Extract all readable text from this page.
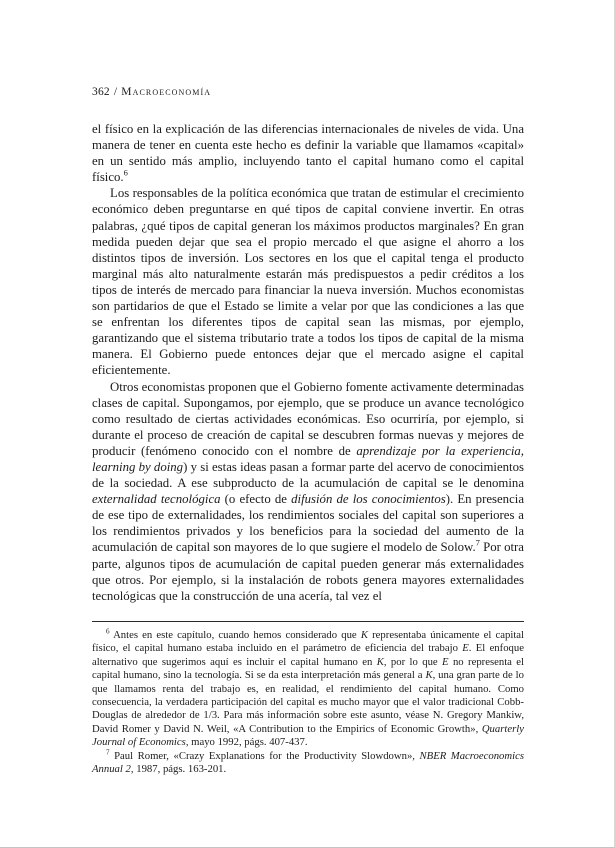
362 / Macroeconomía

el físico en la explicación de las diferencias internacionales de niveles de vida. Una manera de tener en cuenta este hecho es definir la variable que llamamos «capital» en un sentido más amplio, incluyendo tanto el capital humano como el capital físico.$^6$

Los responsables de la política económica que tratan de estimular el crecimiento económico deben preguntarse en qué tipos de capital conviene invertir. En otras palabras, ¿qué tipos de capital generan los máximos productos marginales? En gran medida pueden dejar que sea el propio mercado el que asigne el ahorro a los distintos tipos de inversión. Los sectores en los que el capital tenga el producto marginal más alto naturalmente estarán más predispuestos a pedir créditos a los tipos de interés de mercado para financiar la nueva inversión. Muchos economistas son partidarios de que el Estado se limite a velar por que las condiciones a las que se enfrentan los diferentes tipos de capital sean las mismas, por ejemplo, garantizando que el sistema tributario trate a todos los tipos de capital de la misma manera. El Gobierno puede entonces dejar que el mercado asigne el capital eficientemente.

Otros economistas proponen que el Gobierno fomente activamente determinadas clases de capital. Supongamos, por ejemplo, que se produce un avance tecnológico como resultado de ciertas actividades económicas. Eso ocurriría, por ejemplo, si durante el proceso de creación de capital se descubren formas nuevas y mejores de producir (fenómeno conocido con el nombre de aprendizaje por la experiencia, learning by doing) y si estas ideas pasan a formar parte del acervo de conocimientos de la sociedad. A ese subproducto de la acumulación de capital se le denomina externalidad tecnológica (o efecto de difusión de los conocimientos). En presencia de ese tipo de externalidades, los rendimientos sociales del capital son superiores a los rendimientos privados y los beneficios para la sociedad del aumento de la acumulación de capital son mayores de lo que sugiere el modelo de Solow.$^7$ Por otra parte, algunos tipos de acumulación de capital pueden generar más externalidades que otros. Por ejemplo, si la instalación de robots genera mayores externalidades tecnológicas que la construcción de una acería, tal vez el

$^6$ Antes en este capítulo, cuando hemos considerado que K representaba únicamente el capital físico, el capital humano estaba incluido en el parámetro de eficiencia del trabajo E. El enfoque alternativo que sugerimos aquí es incluir el capital humano en K, por lo que E no representa el capital humano, sino la tecnología. Si se da esta interpretación más general a K, una gran parte de lo que llamamos renta del trabajo es, en realidad, el rendimiento del capital humano. Como consecuencia, la verdadera participación del capital es mucho mayor que el valor tradicional Cobb-Douglas de alrededor de 1/3. Para más información sobre este asunto, véase N. Gregory Mankiw, David Romer y David N. Weil, «A Contribution to the Empirics of Economic Growth», Quarterly Journal of Economics, mayo 1992, págs. 407-437.

$^7$ Paul Romer, «Crazy Explanations for the Productivity Slowdown», NBER Macroeconomics Annual 2, 1987, págs. 163-201.
